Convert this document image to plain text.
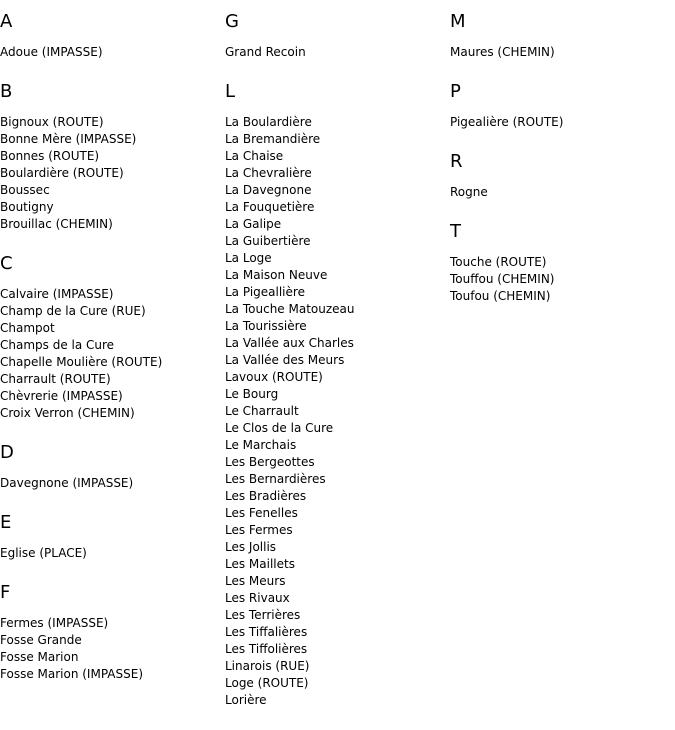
A
Adoue (IMPASSE)
B
Bignoux (ROUTE)
Bonne Mère (IMPASSE)
Bonnes (ROUTE)
Boulardière (ROUTE)
Boussec
Boutigny
Brouillac (CHEMIN)
C
Calvaire (IMPASSE)
Champ de la Cure (RUE)
Champot
Champs de la Cure
Chapelle Moulière (ROUTE)
Charrault (ROUTE)
Chèvrerie (IMPASSE)
Croix Verron (CHEMIN)
D
Davegnone (IMPASSE)
E
Eglise (PLACE)
F
Fermes (IMPASSE)
Fosse Grande
Fosse Marion
Fosse Marion (IMPASSE)
G
Grand Recoin
L
La Boulardière
La Bremandière
La Chaise
La Chevralière
La Davegnone
La Fouquetière
La Galipe
La Guibertière
La Loge
La Maison Neuve
La Pigeallière
La Touche Matouzeau
La Tourissière
La Vallée aux Charles
La Vallée des Meurs
Lavoux (ROUTE)
Le Bourg
Le Charrault
Le Clos de la Cure
Le Marchais
Les Bergeottes
Les Bernardières
Les Bradières
Les Fenelles
Les Fermes
Les Jollis
Les Maillets
Les Meurs
Les Rivaux
Les Terrières
Les Tiffalières
Les Tiffolières
Linarois (RUE)
Loge (ROUTE)
Lorière
M
Maures (CHEMIN)
P
Pigealière (ROUTE)
R
Rogne
T
Touche (ROUTE)
Touffou (CHEMIN)
Toufou (CHEMIN)
